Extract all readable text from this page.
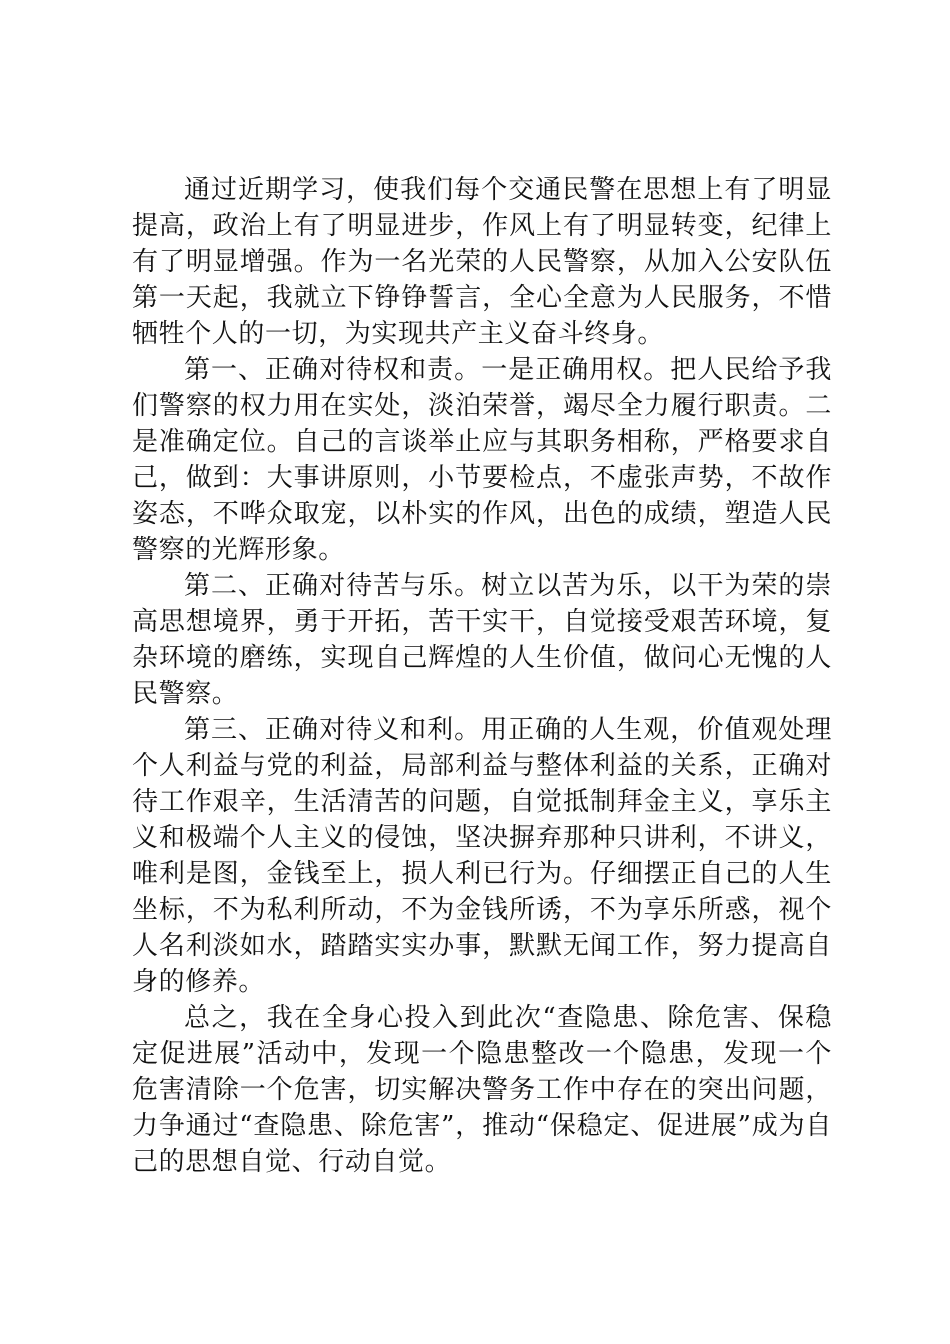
通过近期学习，使我们每个交通民警在思想上有了明显提高，政治上有了明显进步，作风上有了明显转变，纪律上有了明显增强。作为一名光荣的人民警察，从加入公安队伍第一天起，我就立下铮铮誓言，全心全意为人民服务，不惜牺牲个人的一切，为实现共产主义奋斗终身。

第一、正确对待权和责。一是正确用权。把人民给予我们警察的权力用在实处，淡泊荣誉，竭尽全力履行职责。二是准确定位。自己的言谈举止应与其职务相称，严格要求自己，做到：大事讲原则，小节要检点，不虚张声势，不故作姿态，不哗众取宠，以朴实的作风，出色的成绩，塑造人民警察的光辉形象。

第二、正确对待苦与乐。树立以苦为乐，以干为荣的崇高思想境界，勇于开拓，苦干实干，自觉接受艰苦环境，复杂环境的磨练，实现自己辉煌的人生价值，做问心无愧的人民警察。

第三、正确对待义和利。用正确的人生观，价值观处理个人利益与党的利益，局部利益与整体利益的关系，正确对待工作艰辛，生活清苦的问题，自觉抵制拜金主义，享乐主义和极端个人主义的侵蚀，坚决摒弃那种只讲利，不讲义，唯利是图，金钱至上，损人利已行为。仔细摆正自己的人生坐标，不为私利所动，不为金钱所诱，不为享乐所惑，视个人名利淡如水，踏踏实实办事，默默无闻工作，努力提高自身的修养。

总之，我在全身心投入到此次“查隐患、除危害、保稳定促进展”活动中，发现一个隐患整改一个隐患，发现一个危害清除一个危害，切实解决警务工作中存在的突出问题，力争通过“查隐患、除危害”，推动“保稳定、促进展”成为自己的思想自觉、行动自觉。
